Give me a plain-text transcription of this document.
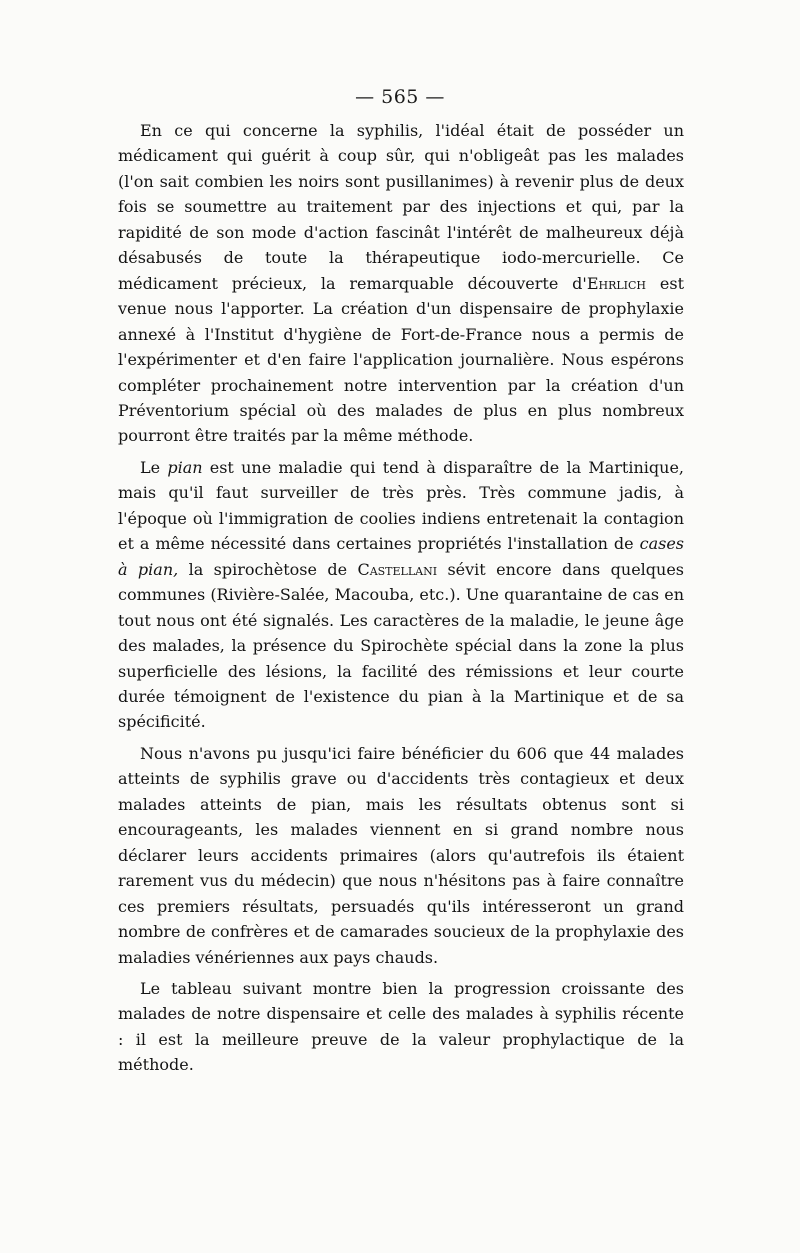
— 565 —

En ce qui concerne la syphilis, l'idéal était de posséder un médicament qui guérit à coup sûr, qui n'obligeât pas les malades (l'on sait combien les noirs sont pusillanimes) à revenir plus de deux fois se soumettre au traitement par des injections et qui, par la rapidité de son mode d'action fascinât l'intérêt de malheureux déjà désabusés de toute la thérapeutique iodo-mercurielle. Ce médicament précieux, la remarquable découverte d'Ehrlich est venue nous l'apporter. La création d'un dispensaire de prophylaxie annexé à l'Institut d'hygiène de Fort-de-France nous a permis de l'expérimenter et d'en faire l'application journalière. Nous espérons compléter prochainement notre intervention par la création d'un Préventorium spécial où des malades de plus en plus nombreux pourront être traités par la même méthode.

Le pian est une maladie qui tend à disparaître de la Martinique, mais qu'il faut surveiller de très près. Très commune jadis, à l'époque où l'immigration de coolies indiens entretenait la contagion et a même nécessité dans certaines propriétés l'installation de cases à pian, la spirochètose de Castellani sévit encore dans quelques communes (Rivière-Salée, Macouba, etc.). Une quarantaine de cas en tout nous ont été signalés. Les caractères de la maladie, le jeune âge des malades, la présence du Spirochète spécial dans la zone la plus superficielle des lésions, la facilité des rémissions et leur courte durée témoignent de l'existence du pian à la Martinique et de sa spécificité.

Nous n'avons pu jusqu'ici faire bénéficier du 606 que 44 malades atteints de syphilis grave ou d'accidents très contagieux et deux malades atteints de pian, mais les résultats obtenus sont si encourageants, les malades viennent en si grand nombre nous déclarer leurs accidents primaires (alors qu'autrefois ils étaient rarement vus du médecin) que nous n'hésitons pas à faire connaître ces premiers résultats, persuadés qu'ils intéresseront un grand nombre de confrères et de camarades soucieux de la prophylaxie des maladies vénériennes aux pays chauds.

Le tableau suivant montre bien la progression croissante des malades de notre dispensaire et celle des malades à syphilis récente : il est la meilleure preuve de la valeur prophylactique de la méthode.
